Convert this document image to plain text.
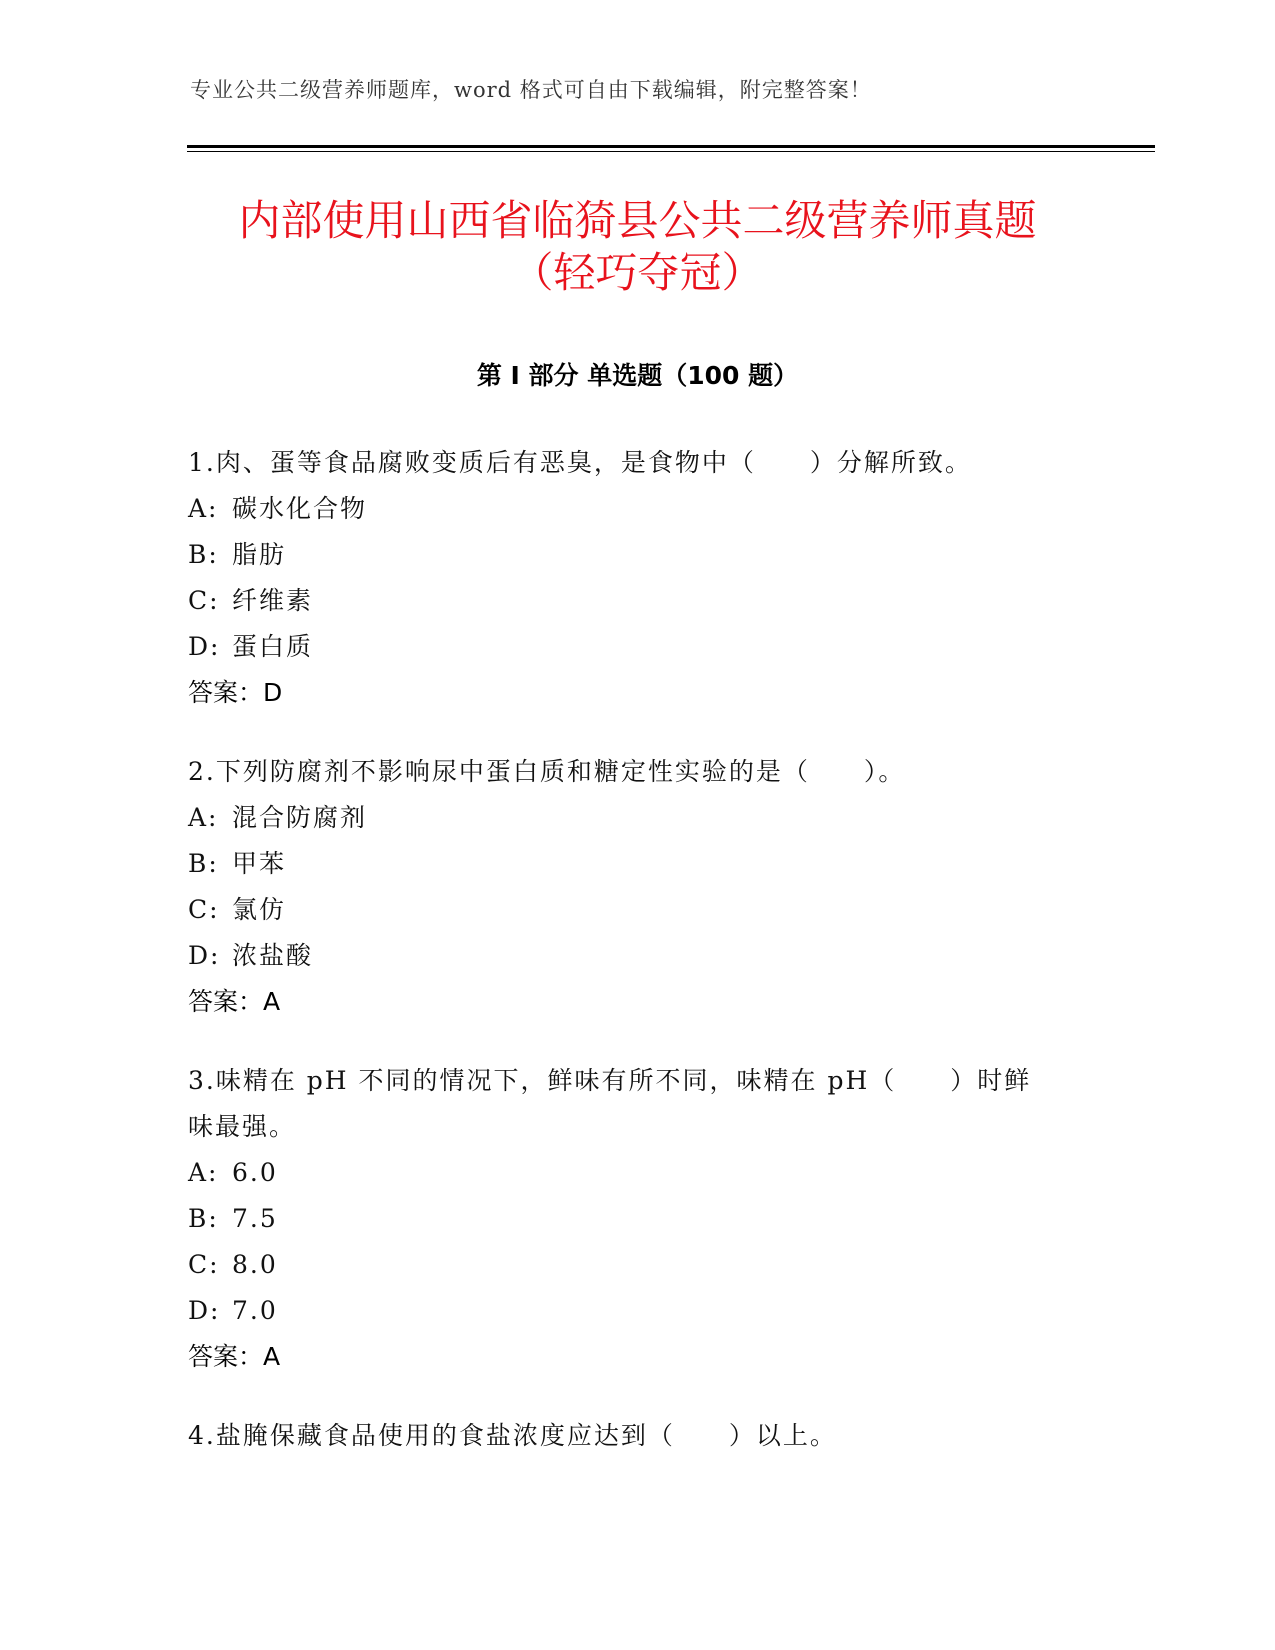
专业公共二级营养师题库，word 格式可自由下载编辑，附完整答案！
内部使用山西省临猗县公共二级营养师真题
（轻巧夺冠）
第 I 部分 单选题（100 题）
1.肉、蛋等食品腐败变质后有恶臭，是食物中（　　）分解所致。
A: 碳水化合物
B: 脂肪
C: 纤维素
D: 蛋白质
答案：D
2.下列防腐剂不影响尿中蛋白质和糖定性实验的是（　　）。
A: 混合防腐剂
B: 甲苯
C: 氯仿
D: 浓盐酸
答案：A
3.味精在 pH 不同的情况下，鲜味有所不同，味精在 pH（　　）时鲜味最强。
A: 6.0
B: 7.5
C: 8.0
D: 7.0
答案：A
4.盐腌保藏食品使用的食盐浓度应达到（　　）以上。
